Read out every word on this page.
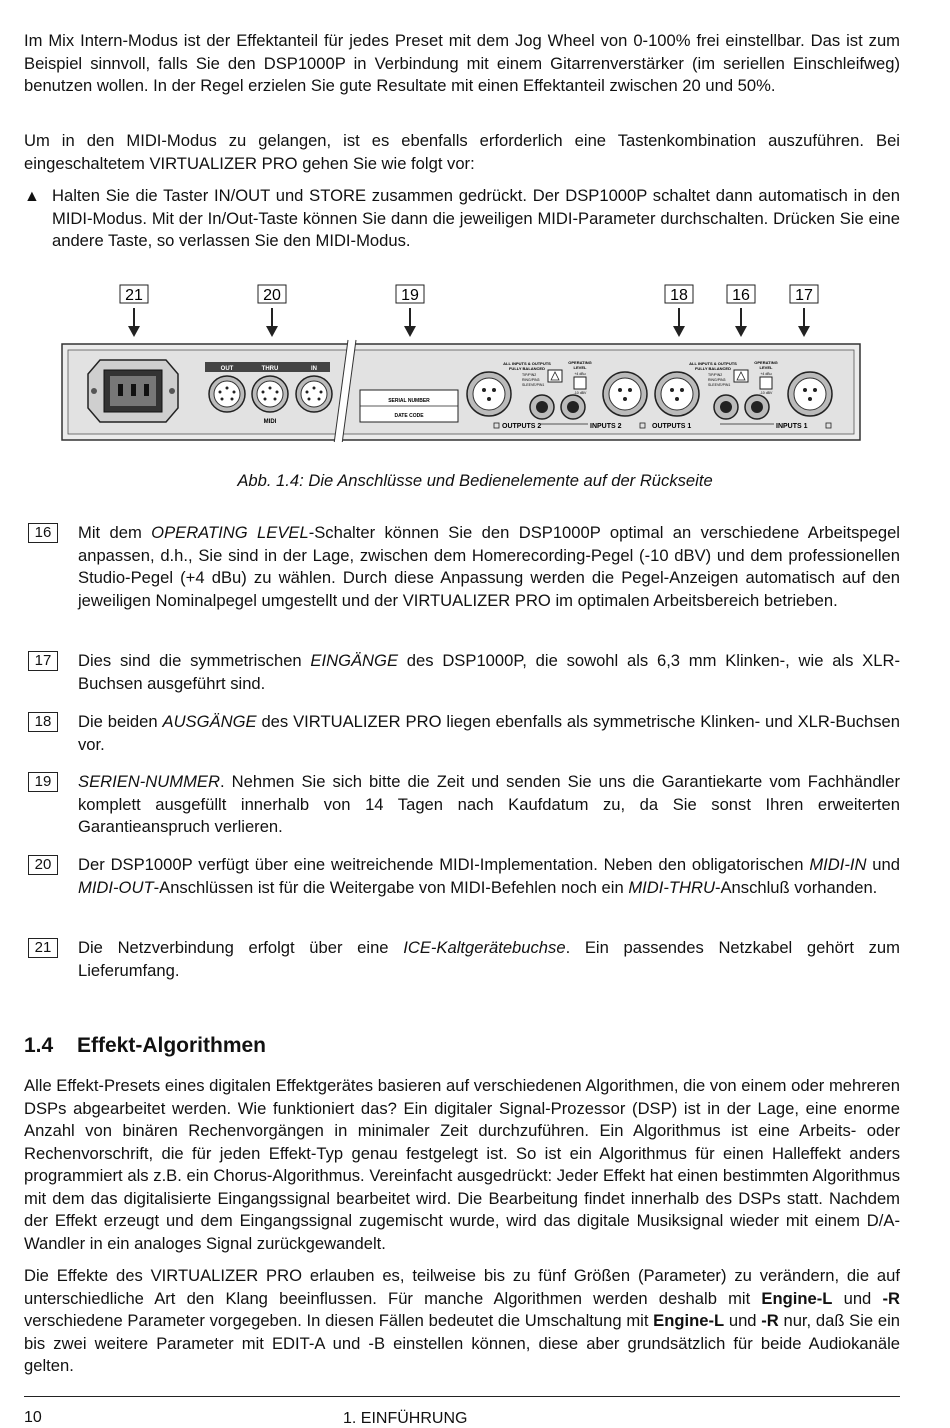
Im Mix Intern-Modus ist der Effektanteil für jedes Preset mit dem Jog Wheel von 0-100% frei einstellbar. Das ist zum Beispiel sinnvoll, falls Sie den DSP1000P in Verbindung mit einem Gitarrenverstärker (im seriellen Einschleifweg) benutzen wollen. In der Regel erzielen Sie gute Resultate mit einen Effektanteil zwischen 20 und 50%.

Um in den MIDI-Modus zu gelangen, ist es ebenfalls erforderlich eine Tastenkombination auszuführen. Bei eingeschaltetem VIRTUALIZER PRO gehen Sie wie folgt vor:

▲ Halten Sie die Taster IN/OUT und STORE zusammen gedrückt. Der DSP1000P schaltet dann automatisch in den MIDI-Modus. Mit der In/Out-Taste können Sie dann die jeweiligen MIDI-Parameter durchschalten. Drücken Sie eine andere Taste, so verlassen Sie den MIDI-Modus.
21	20	19	18	16	17
OUT	THRU	IN
MIDI
SERIAL NUMBER
DATE CODE
ALL INPUTS & OUTPUTS
FULLY BALANCED
TIP/PIN2
RING/PIN3
SLEEVE/PIN1
OPERATING
LEVEL
+4 dBu
-10 dBV
OUTPUTS 2	INPUTS 2
ALL INPUTS & OUTPUTS
FULLY BALANCED
TIP/PIN2
RING/PIN3
SLEEVE/PIN1
OPERATING
LEVEL
+4 dBu
-10 dBV
OUTPUTS 1	INPUTS 1
Abb. 1.4: Die Anschlüsse und Bedienelemente auf der Rückseite
16	Mit dem OPERATING LEVEL-Schalter können Sie den DSP1000P optimal an verschiedene Arbeitspegel anpassen, d.h., Sie sind in der Lage, zwischen dem Homerecording-Pegel (-10 dBV) und dem professionellen Studio-Pegel (+4 dBu) zu wählen. Durch diese Anpassung werden die Pegel-Anzeigen automatisch auf den jeweiligen Nominalpegel umgestellt und der VIRTUALIZER PRO im optimalen Arbeitsbereich betrieben.
17	Dies sind die symmetrischen EINGÄNGE des DSP1000P, die sowohl als 6,3 mm Klinken-, wie als XLR-Buchsen ausgeführt sind.
18	Die beiden AUSGÄNGE des VIRTUALIZER PRO liegen ebenfalls als symmetrische Klinken- und XLR-Buchsen vor.
19	SERIEN-NUMMER. Nehmen Sie sich bitte die Zeit und senden Sie uns die Garantiekarte vom Fachhändler komplett ausgefüllt innerhalb von 14 Tagen nach Kaufdatum zu, da Sie sonst Ihren erweiterten Garantieanspruch verlieren.
20	Der DSP1000P verfügt über eine weitreichende MIDI-Implementation. Neben den obligatorischen MIDI-IN und MIDI-OUT-Anschlüssen ist für die Weitergabe von MIDI-Befehlen noch ein MIDI-THRU-Anschluß vorhanden.
21	Die Netzverbindung erfolgt über eine ICE-Kaltgerätebuchse. Ein passendes Netzkabel gehört zum Lieferumfang.
1.4 Effekt-Algorithmen

Alle Effekt-Presets eines digitalen Effektgerätes basieren auf verschiedenen Algorithmen, die von einem oder mehreren DSPs abgearbeitet werden. Wie funktioniert das? Ein digitaler Signal-Prozessor (DSP) ist in der Lage, eine enorme Anzahl von binären Rechenvorgängen in minimaler Zeit durchzuführen. Ein Algorithmus ist eine Arbeits- oder Rechenvorschrift, die für jeden Effekt-Typ genau festgelegt ist. So ist ein Algorithmus für einen Halleffekt anders programmiert als z.B. ein Chorus-Algorithmus. Vereinfacht ausgedrückt: Jeder Effekt hat einen bestimmten Algorithmus mit dem das digitalisierte Eingangssignal bearbeitet wird. Die Bearbeitung findet innerhalb des DSPs statt. Nachdem der Effekt erzeugt und dem Eingangssignal zugemischt wurde, wird das digitale Musiksignal wieder mit einem D/A-Wandler in ein analoges Signal zurückgewandelt.

Die Effekte des VIRTUALIZER PRO erlauben es, teilweise bis zu fünf Größen (Parameter) zu verändern, die auf unterschiedliche Art den Klang beeinflussen. Für manche Algorithmen werden deshalb mit Engine-L und -R verschiedene Parameter vorgegeben. In diesen Fällen bedeutet die Umschaltung mit Engine-L und -R nur, daß Sie ein bis zwei weitere Parameter mit EDIT-A und -B einstellen können, diese aber grundsätzlich für beide Audiokanäle gelten.

10	1. EINFÜHRUNG
